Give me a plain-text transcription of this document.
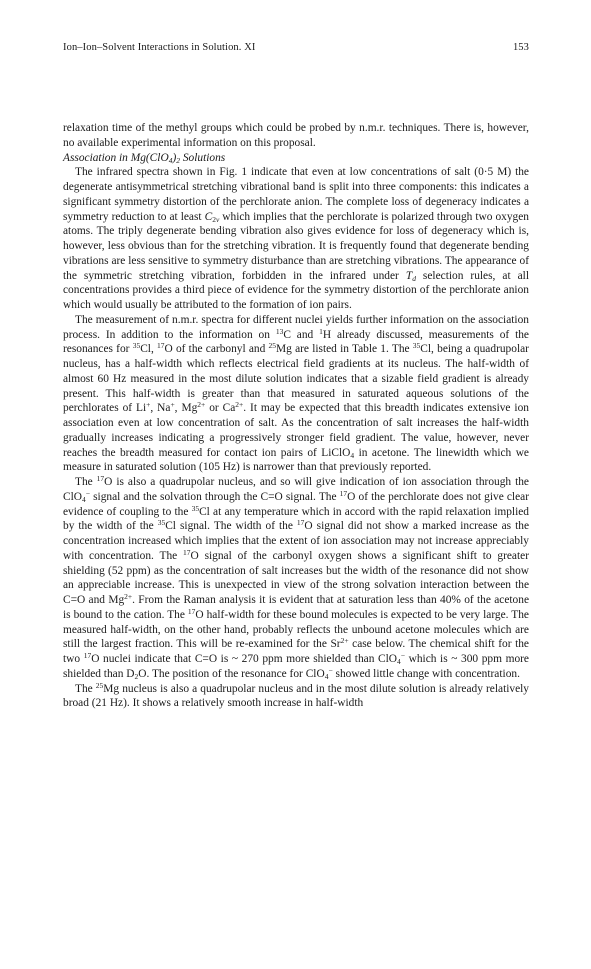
Ion–Ion–Solvent Interactions in Solution. XI	153

relaxation time of the methyl groups which could be probed by n.m.r. techniques. There is, however, no available experimental information on this proposal.

Association in $Mg(ClO_4)_2$ Solutions

The infrared spectra shown in Fig. 1 indicate that even at low concentrations of salt (0·5 M) the degenerate antisymmetrical stretching vibrational band is split into three components: this indicates a significant symmetry distortion of the perchlorate anion. The complete loss of degeneracy indicates a symmetry reduction to at least $C_{2v}$ which implies that the perchlorate is polarized through two oxygen atoms. The triply degenerate bending vibration also gives evidence for loss of degeneracy which is, however, less obvious than for the stretching vibration. It is frequently found that degenerate bending vibrations are less sensitive to symmetry disturbance than are stretching vibrations. The appearance of the symmetric stretching vibration, forbidden in the infrared under $T_d$ selection rules, at all concentrations provides a third piece of evidence for the symmetry distortion of the perchlorate anion which would usually be attributed to the formation of ion pairs.

The measurement of n.m.r. spectra for different nuclei yields further information on the association process. In addition to the information on $^{13}$C and $^1$H already discussed, measurements of the resonances for $^{35}$Cl, $^{17}$O of the carbonyl and $^{25}$Mg are listed in Table 1. The $^{35}$Cl, being a quadrupolar nucleus, has a half-width which reflects electrical field gradients at its nucleus. The half-width of almost 60 Hz measured in the most dilute solution indicates that a sizable field gradient is already present. This half-width is greater than that measured in saturated aqueous solutions of the perchlorates of Li+, Na+, $Mg^{2+}$ or $Ca^{2+}$. It may be expected that this breadth indicates extensive ion association even at low concentration of salt. As the concentration of salt increases the half-width gradually increases indicating a progressively stronger field gradient. The value, however, never reaches the breadth measured for contact ion pairs of LiClO$_4$ in acetone. The linewidth which we measure in saturated solution (105 Hz) is narrower than that previously reported.

The $^{17}$O is also a quadrupolar nucleus, and so will give indication of ion association through the ClO$_4$− signal and the solvation through the C=O signal. The $^{17}$O of the perchlorate does not give clear evidence of coupling to the $^{35}$Cl at any temperature which in accord with the rapid relaxation implied by the width of the $^{35}$Cl signal. The width of the $^{17}$O signal did not show a marked increase as the concentration increased which implies that the extent of ion association may not increase appreciably with concentration. The $^{17}$O signal of the carbonyl oxygen shows a significant shift to greater shielding (52 ppm) as the concentration of salt increases but the width of the resonance did not show an appreciable increase. This is unexpected in view of the strong solvation interaction between the C=O and $Mg^{2+}$. From the Raman analysis it is evident that at saturation less than 40% of the acetone is bound to the cation. The $^{17}$O half-width for these bound molecules is expected to be very large. The measured half-width, on the other hand, probably reflects the unbound acetone molecules which are still the largest fraction. This will be re-examined for the $Sr^{2+}$ case below. The chemical shift for the two $^{17}$O nuclei indicate that C=O is ~ 270 ppm more shielded than ClO$_4$− which is ~ 300 ppm more shielded than $D_2O$. The position of the resonance for ClO$_4$− showed little change with concentration.

The $^{25}$Mg nucleus is also a quadrupolar nucleus and in the most dilute solution is already relatively broad (21 Hz). It shows a relatively smooth increase in half-width
